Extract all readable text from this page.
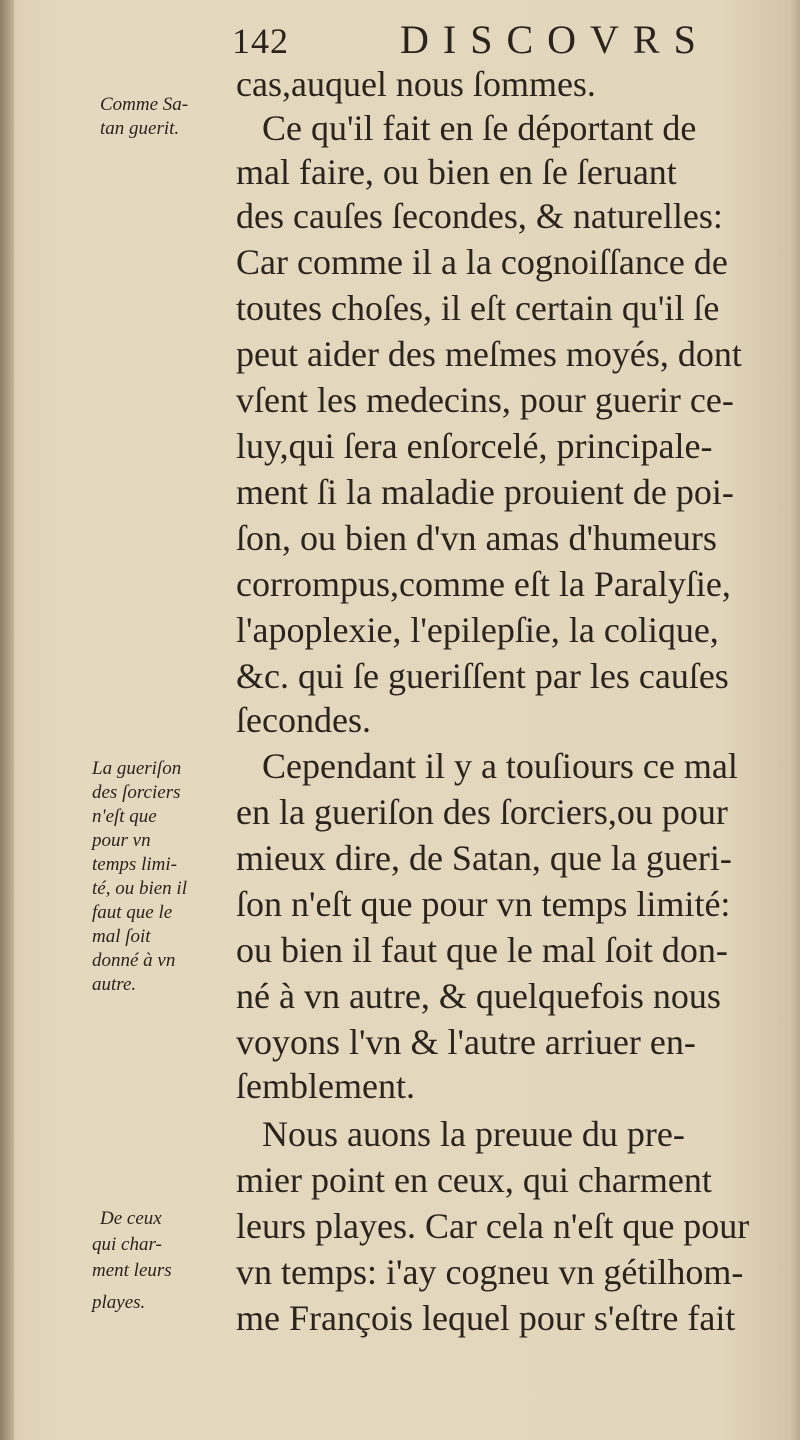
142	DISCOVRS
cas,auquel nous ſommes.
Ce qu'il fait en ſe déportant de
mal faire, ou bien en ſe ſeruant
des cauſes ſecondes, & naturelles:
Car comme il a la cognoiſſance de
toutes choſes, il eſt certain qu'il ſe
peut aider des meſmes moyés, dont
vſent les medecins, pour guerir ce-
luy,qui ſera enſorcelé, principale-
ment ſi la maladie prouient de poi-
ſon, ou bien d'vn amas d'humeurs
corrompus,comme eſt la Paralyſie,
l'apoplexie, l'epilepſie, la colique,
&c. qui ſe gueriſſent par les cauſes
ſecondes.
Cependant il y a touſiours ce mal
en la gueriſon des ſorciers,ou pour
mieux dire, de Satan, que la gueri-
ſon n'eſt que pour vn temps limité:
ou bien il faut que le mal ſoit don-
né à vn autre, & quelquefois nous
voyons l'vn & l'autre arriuer en-
ſemblement.
Nous auons la preuue du pre-
mier point en ceux, qui charment
leurs playes. Car cela n'eſt que pour
vn temps: i'ay cogneu vn gétilhom-
me François lequel pour s'eſtre fait
Comme Sa-
tan guerit.
La gueriſon
des ſorciers
n'eſt que
pour vn
temps limi-
té, ou bien il
faut que le
mal ſoit
donné à vn
autre.
De ceux
qui char-
ment leurs
playes.
